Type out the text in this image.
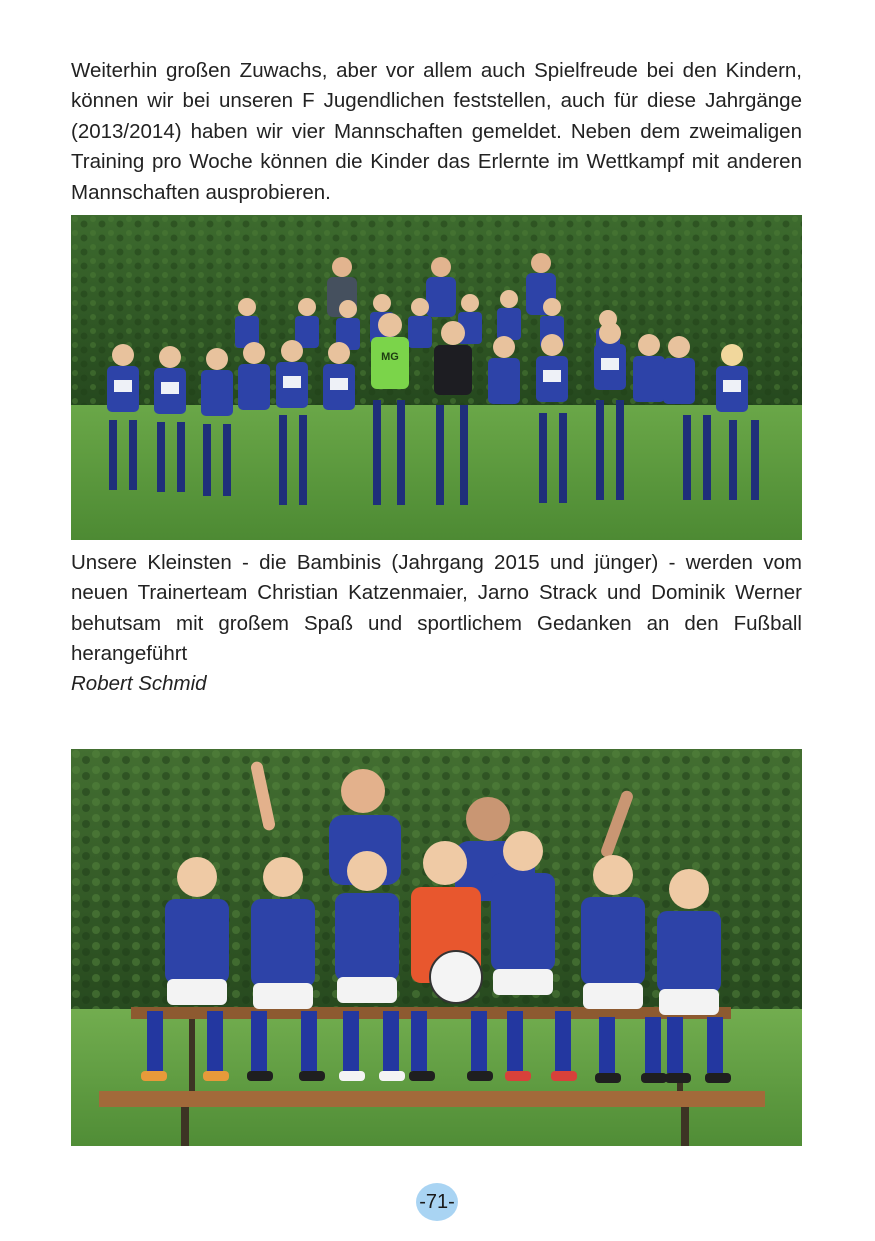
Weiterhin großen Zuwachs, aber vor allem auch Spielfreude bei den Kindern, können wir bei unseren F Jugendlichen feststellen, auch für diese Jahrgänge (2013/2014) haben wir vier Mannschaften gemeldet. Neben dem zweimaligen Training pro Woche können die Kinder das Erlernte im Wettkampf mit anderen Mannschaften ausprobieren.

MG

Unsere Kleinsten - die Bambinis (Jahrgang 2015 und jünger) - werden vom neuen Trainerteam Christian Katzenmaier, Jarno Strack und Dominik Werner behutsam mit großem Spaß und sportlichem Gedanken an den Fußball herangeführt

Robert Schmid

-71-
